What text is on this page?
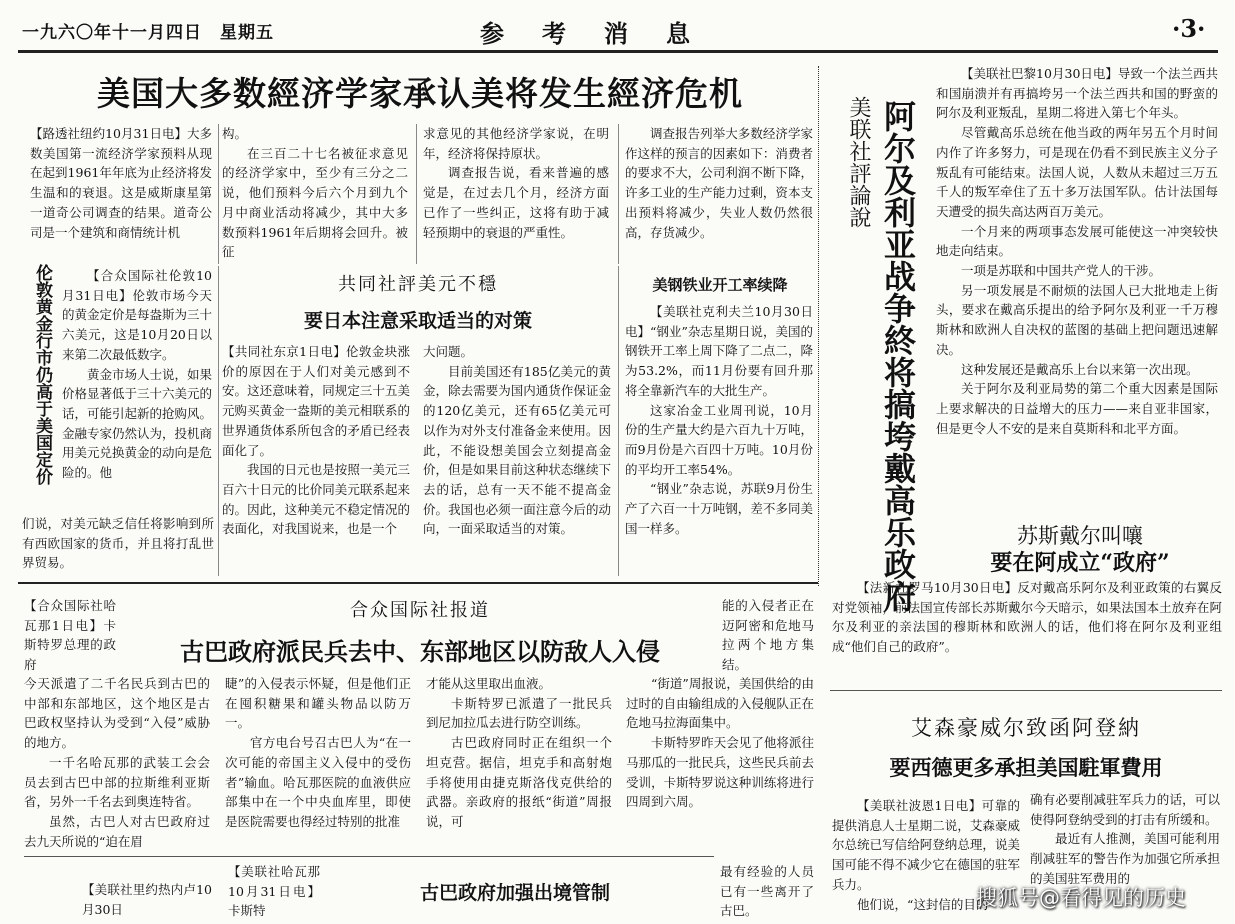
一九六〇年十一月四日　星期五	参考消息	·3·
美国大多数經济学家承认美将发生經济危机

【路透社纽约10月31日电】大多数美国第一流经济学家预料从现在起到1961年年底为止经济将发生温和的衰退。这是威斯康星第一道奇公司调查的结果。道奇公司是一个建筑和商情统计机

构。

在三百二十七名被征求意见的经济学家中，至少有三分之二说，他们预料今后六个月到九个月中商业活动将减少，其中大多数预料1961年后期将会回升。被征

求意见的其他经济学家说，在明年，经济将保持原状。

调查报告说，看来普遍的感觉是，在过去几个月，经济方面已作了一些纠正，这将有助于减轻预期中的衰退的严重性。

调查报告列举大多数经济学家作这样的预言的因素如下：消费者的要求不大，公司利润不断下降，许多工业的生产能力过剩，资本支出预料将减少，失业人数仍然很高，存货减少。

伦敦黄金行市仍高于美国定价	【合众国际社伦敦10月31日电】伦敦市场今天的黄金定价是每盎斯为三十六美元，这是10月20日以来第二次最低数字。

黄金市场人士说，如果价格显著低于三十六美元的话，可能引起新的抢购风。金融专家仍然认为，投机商用美元兑换黄金的动向是危险的。他

们说，对美元缺乏信任将影响到所有西欧国家的货币，并且将打乱世界贸易。

共同社評美元不穩
要日本注意采取适当的对策

【共同社东京1日电】伦敦金块涨价的原因在于人们对美元感到不安。这还意味着，同规定三十五美元购买黄金一盎斯的美元相联系的世界通货体系所包含的矛盾已经表面化了。

我国的日元也是按照一美元三百六十日元的比价同美元联系起来的。因此，这种美元不稳定情况的表面化，对我国说来，也是一个

大问题。

目前美国还有185亿美元的黄金，除去需要为国内通货作保证金的120亿美元，还有65亿美元可以作为对外支付准备金来使用。因此，不能设想美国会立刻提高金价，但是如果目前这种状态继续下去的话，总有一天不能不提高金价。我国也必须一面注意今后的动向，一面采取适当的对策。

美钢铁业开工率续降

【美联社克利夫兰10月30日电】“钢业”杂志星期日说，美国的钢铁开工率上周下降了二点二，降为53.2%，而11月份要有回升那将全靠新汽车的大批生产。

这家冶金工业周刊说，10月份的生产量大约是六百九十万吨，而9月份是六百四十万吨。10月份的平均开工率54%。

“钢业”杂志说，苏联9月份生产了六百一十万吨钢，差不多同美国一样多。

【合众国际社哈瓦那1日电】卡斯特罗总理的政府

合众国际社报道
古巴政府派民兵去中、东部地区以防敌人入侵

今天派遣了二千名民兵到古巴的中部和东部地区，这个地区是古巴政权坚持认为受到“入侵”威胁的地方。

一千名哈瓦那的武装工会会员去到古巴中部的拉斯维利亚斯省，另外一千名去到奥连特省。

虽然，古巴人对古巴政府过去九天所说的“迫在眉

睫”的入侵表示怀疑，但是他们正在囤积糖果和罐头物品以防万一。

官方电台号召古巴人为“在一次可能的帝国主义入侵中的受伤者”输血。哈瓦那医院的血液供应部集中在一个中央血库里，即使是医院需要也得经过特别的批准

才能从这里取出血液。

卡斯特罗已派遣了一批民兵到尼加拉瓜去进行防空训练。

古巴政府同时正在组织一个坦克营。据信，坦克手和高射炮手将使用由捷克斯洛伐克供给的武器。亲政府的报纸“街道”周报说，可

能的入侵者正在迈阿密和危地马拉两个地方集结。

“街道”周报说，美国供给的由过时的自由输组成的入侵舰队正在危地马拉海面集中。

卡斯特罗昨天会见了他将派往马那瓜的一批民兵，这些民兵前去受训，卡斯特罗说这种训练将进行四周到六周。

最有经验的人员已有一些离开了古巴。

【美联社里约热内卢10月30日

【美联社哈瓦那10月31日电】卡斯特

古巴政府加强出境管制
美联社評論說 阿尔及利亚战争終将搞垮戴高乐政府

【美联社巴黎10月30日电】导致一个法兰西共和国崩溃并有再搞垮另一个法兰西共和国的野蛮的阿尔及利亚叛乱，星期二将进入第七个年头。

尽管戴高乐总统在他当政的两年另五个月时间内作了许多努力，可是现在仍看不到民族主义分子叛乱有可能结束。法国人说，人数从未超过三万五千人的叛军牵住了五十多万法国军队。估计法国每天遭受的损失高达两百万美元。

一个月来的两项事态发展可能使这一冲突较快地走向结束。

一项是苏联和中国共产党人的干涉。

另一项发展是不耐烦的法国人已大批地走上街头，要求在戴高乐提出的给予阿尔及利亚一千万穆斯林和欧洲人自决权的蓝图的基础上把问题迅速解决。

这种发展还是戴高乐上台以来第一次出现。

关于阿尔及利亚局势的第二个重大因素是国际上要求解决的日益增大的压力——来自亚非国家，但是更令人不安的是来自莫斯科和北平方面。

苏斯戴尔叫嚷
要在阿成立“政府”

【法新社罗马10月30日电】反对戴高乐阿尔及利亚政策的右翼反对党领袖，前法国宣传部长苏斯戴尔今天暗示，如果法国本土放弃在阿尔及利亚的亲法国的穆斯林和欧洲人的话，他们将在阿尔及利亚组成“他们自己的政府”。

艾森豪威尔致函阿登納
要西德更多承担美国駐軍費用

【美联社波恩1日电】可靠的提供消息人士星期二说，艾森豪威尔总统已写信给阿登纳总理，说美国可能不得不减少它在德国的驻军兵力。

他们说，“这封信的目的

确有必要削减驻军兵力的话，可以使得阿登纳受到的打击有所缓和。

最近有人推测，美国可能利用削减驻军的警告作为加强它所承担的美国驻军费用的

搜狐号@看得见的历史
